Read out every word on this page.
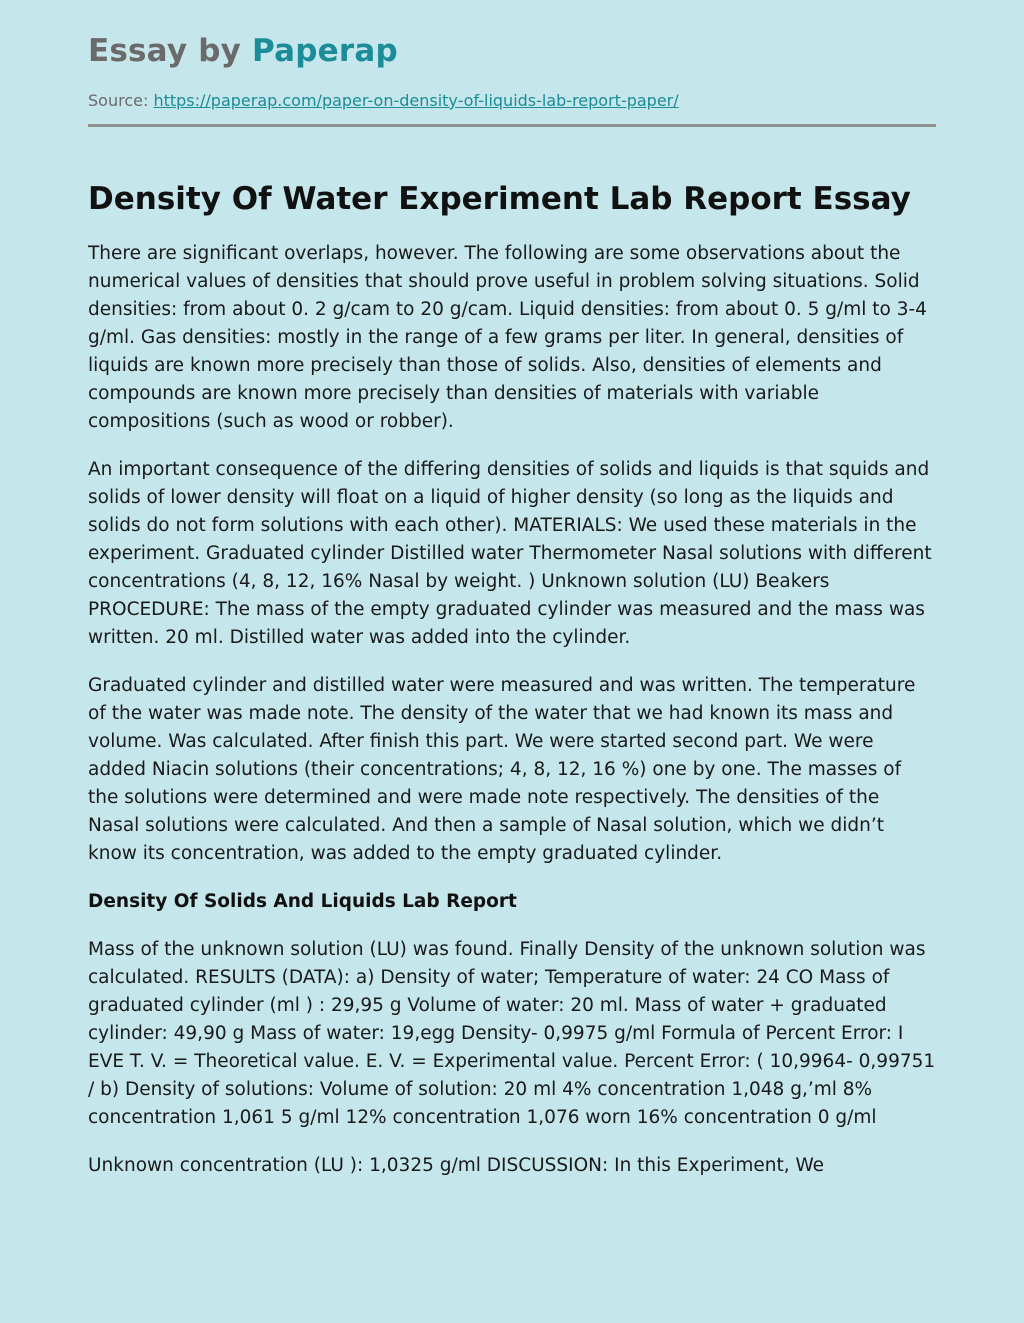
Essay by Paperap
Source: https://paperap.com/paper-on-density-of-liquids-lab-report-paper/
Density Of Water Experiment Lab Report Essay

There are significant overlaps, however. The following are some observations about the numerical values of densities that should prove useful in problem solving situations. Solid densities: from about 0. 2 g/cam to 20 g/cam. Liquid densities: from about 0. 5 g/ml to 3-4 g/ml. Gas densities: mostly in the range of a few grams per liter. In general, densities of liquids are known more precisely than those of solids. Also, densities of elements and compounds are known more precisely than densities of materials with variable compositions (such as wood or robber).

An important consequence of the differing densities of solids and liquids is that squids and solids of lower density will float on a liquid of higher density (so long as the liquids and solids do not form solutions with each other). MATERIALS: We used these materials in the experiment. Graduated cylinder Distilled water Thermometer Nasal solutions with different concentrations (4, 8, 12, 16% Nasal by weight. ) Unknown solution (LU) Beakers PROCEDURE: The mass of the empty graduated cylinder was measured and the mass was written. 20 ml. Distilled water was added into the cylinder.

Graduated cylinder and distilled water were measured and was written. The temperature of the water was made note. The density of the water that we had known its mass and volume. Was calculated. After finish this part. We were started second part. We were added Niacin solutions (their concentrations; 4, 8, 12, 16 %) one by one. The masses of the solutions were determined and were made note respectively. The densities of the Nasal solutions were calculated. And then a sample of Nasal solution, which we didn’t know its concentration, was added to the empty graduated cylinder.

Density Of Solids And Liquids Lab Report

Mass of the unknown solution (LU) was found. Finally Density of the unknown solution was calculated. RESULTS (DATA): a) Density of water; Temperature of water: 24 CO Mass of graduated cylinder (ml ) : 29,95 g Volume of water: 20 ml. Mass of water + graduated cylinder: 49,90 g Mass of water: 19,egg Density- 0,9975 g/ml Formula of Percent Error: I EVE T. V. = Theoretical value. E. V. = Experimental value. Percent Error: ( 10,9964- 0,99751 / b) Density of solutions: Volume of solution: 20 ml 4% concentration 1,048 g,’ml 8% concentration 1,061 5 g/ml 12% concentration 1,076 worn 16% concentration 0 g/ml

Unknown concentration (LU ): 1,0325 g/ml DISCUSSION: In this Experiment, We
